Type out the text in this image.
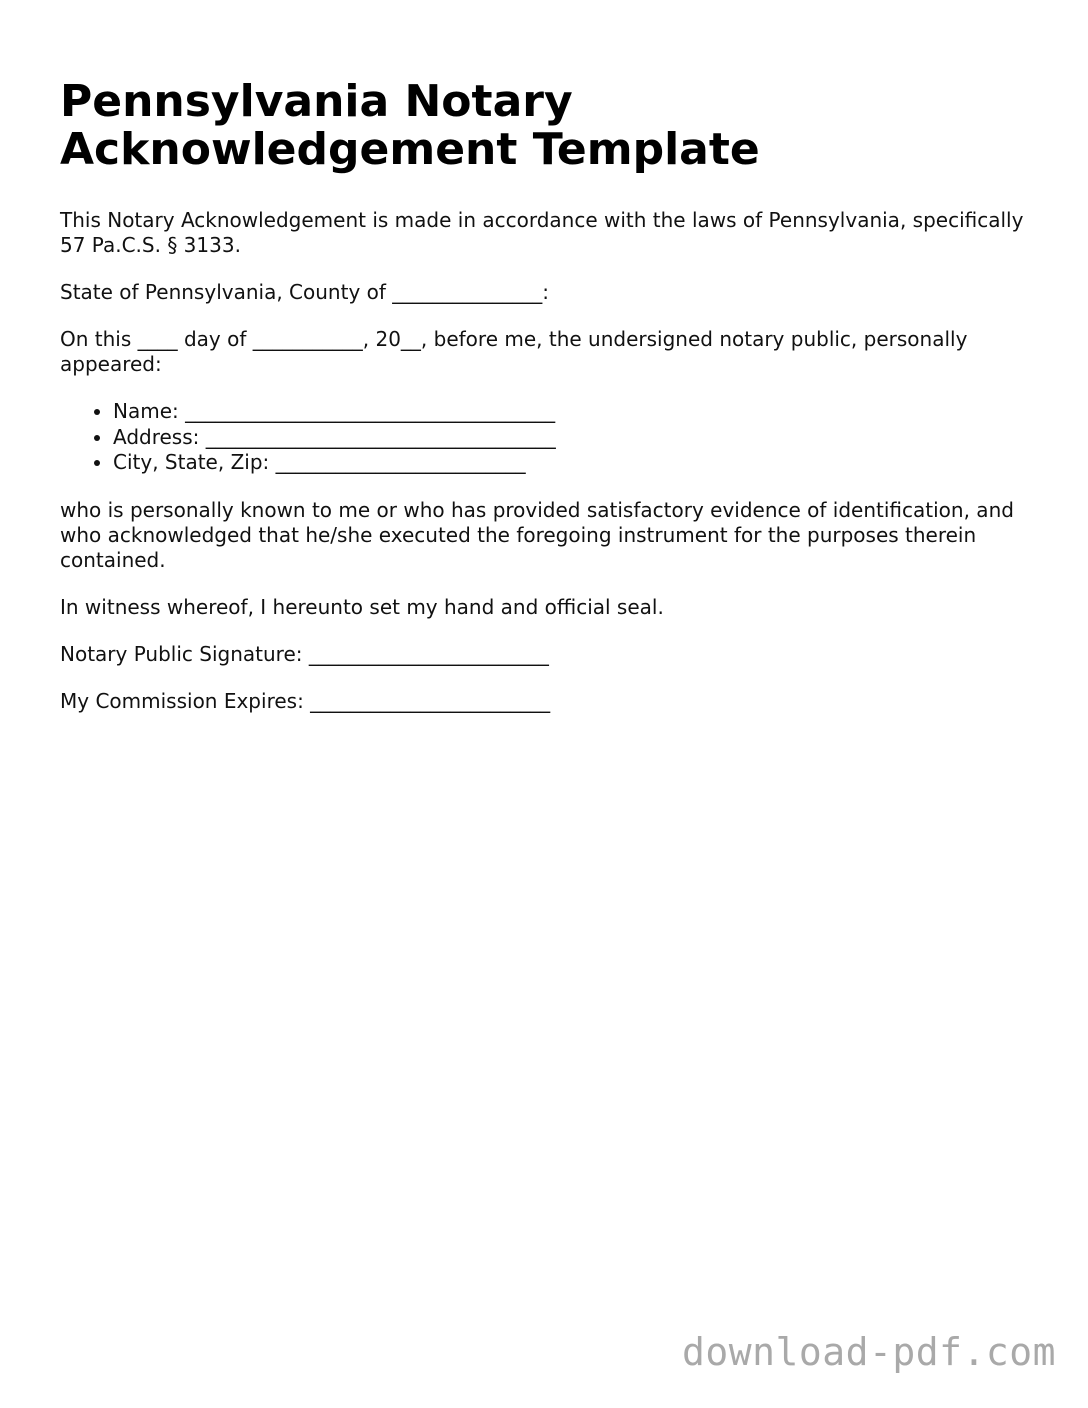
Pennsylvania Notary Acknowledgement Template

This Notary Acknowledgement is made in accordance with the laws of Pennsylvania, specifically 57 Pa.C.S. § 3133.

State of Pennsylvania, County of _______________:

On this ____ day of ___________, 20__, before me, the undersigned notary public, personally appeared:

• Name: _____________________________________
• Address: ___________________________________
• City, State, Zip: _________________________

who is personally known to me or who has provided satisfactory evidence of identification, and who acknowledged that he/she executed the foregoing instrument for the purposes therein contained.

In witness whereof, I hereunto set my hand and official seal.

Notary Public Signature: ________________________

My Commission Expires: ________________________

download-pdf.com
